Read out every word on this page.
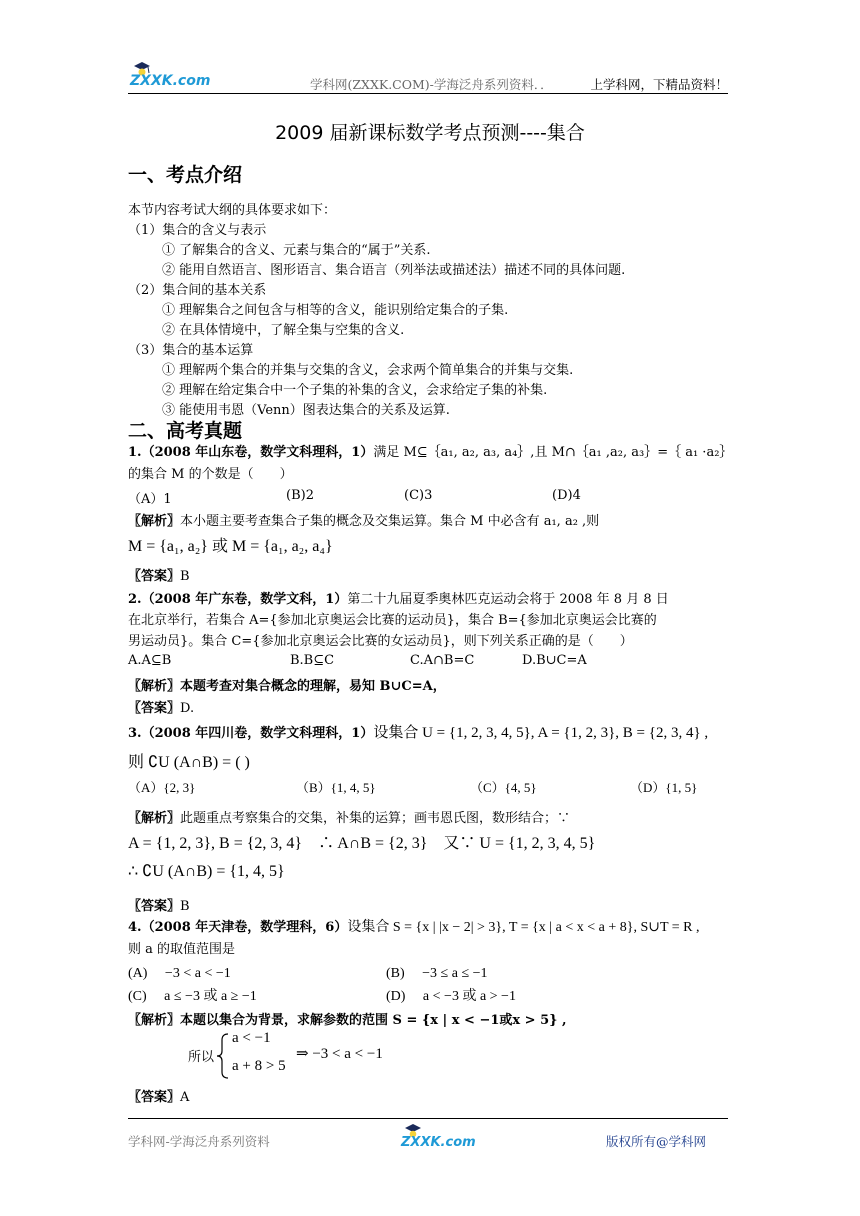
ZXXK.com	学科网(ZXXK.COM)-学海泛舟系列资料．．	上学科网，下精品资料！
2009 届新课标数学考点预测----集合
一、考点介绍
本节内容考试大纲的具体要求如下：
（1）集合的含义与表示
① 了解集合的含义、元素与集合的“属于”关系.
② 能用自然语言、图形语言、集合语言（列举法或描述法）描述不同的具体问题.
（2）集合间的基本关系
① 理解集合之间包含与相等的含义，能识别给定集合的子集.
② 在具体情境中，了解全集与空集的含义.
（3）集合的基本运算
① 理解两个集合的并集与交集的含义，会求两个简单集合的并集与交集.
② 理解在给定集合中一个子集的补集的含义，会求给定子集的补集.
③ 能使用韦恩（Venn）图表达集合的关系及运算.
二、高考真题
1.（2008 年山东卷，数学文科理科，1）满足 M⊆｛a₁, a₂, a₃, a₄｝,且 M∩｛a₁ ,a₂, a₃｝=｛ a₁ ·a₂｝
的集合 M 的个数是（　　）
（A）1	(B)2	(C)3	(D)4
〖解析〗本小题主要考查集合子集的概念及交集运算。集合 M 中必含有 a₁, a₂ ,则
M = {a₁, a₂} 或 M = {a₁, a₂, a₄}
〖答案〗B
2.（2008 年广东卷，数学文科，1）第二十九届夏季奥林匹克运动会将于 2008 年 8 月 8 日
在北京举行，若集合 A={参加北京奥运会比赛的运动员}，集合 B={参加北京奥运会比赛的
男运动员}。集合 C={参加北京奥运会比赛的女运动员}，则下列关系正确的是（　　）
A.A⊆B	B.B⊆C	C.A∩B=C	D.B∪C=A
〖解析〗本题考查对集合概念的理解，易知 B∪C=A，
〖答案〗D.
3.（2008 年四川卷，数学文科理科，1）设集合 U = {1, 2, 3, 4, 5}, A = {1, 2, 3}, B = {2, 3, 4} ,
则 ∁U (A∩B) = ( )
（A）{2, 3}	（B）{1, 4, 5}	（C）{4, 5}	（D）{1, 5}
〖解析〗此题重点考察集合的交集，补集的运算；画韦恩氏图，数形结合；∵
A = {1, 2, 3}, B = {2, 3, 4}　∴ A∩B = {2, 3}　又∵ U = {1, 2, 3, 4, 5}
∴ ∁U (A∩B) = {1, 4, 5}
〖答案〗B
4.（2008 年天津卷，数学理科，6）设集合 S = {x | |x − 2| > 3}, T = {x | a < x < a + 8}, S∪T = R ,
则 a 的取值范围是
(A)　 −3 < a < −1	(B)　 −3 ≤ a ≤ −1
(C)　 a ≤ −3 或 a ≥ −1	(D)　 a < −3 或 a > −1
〖解析〗本题以集合为背景，求解参数的范围 S = {x | x < −1或x > 5} ,
所以
a < −1
a + 8 > 5
⇒ −3 < a < −1
〖答案〗A
学科网-学海泛舟系列资料	ZXXK.com	版权所有@学科网
